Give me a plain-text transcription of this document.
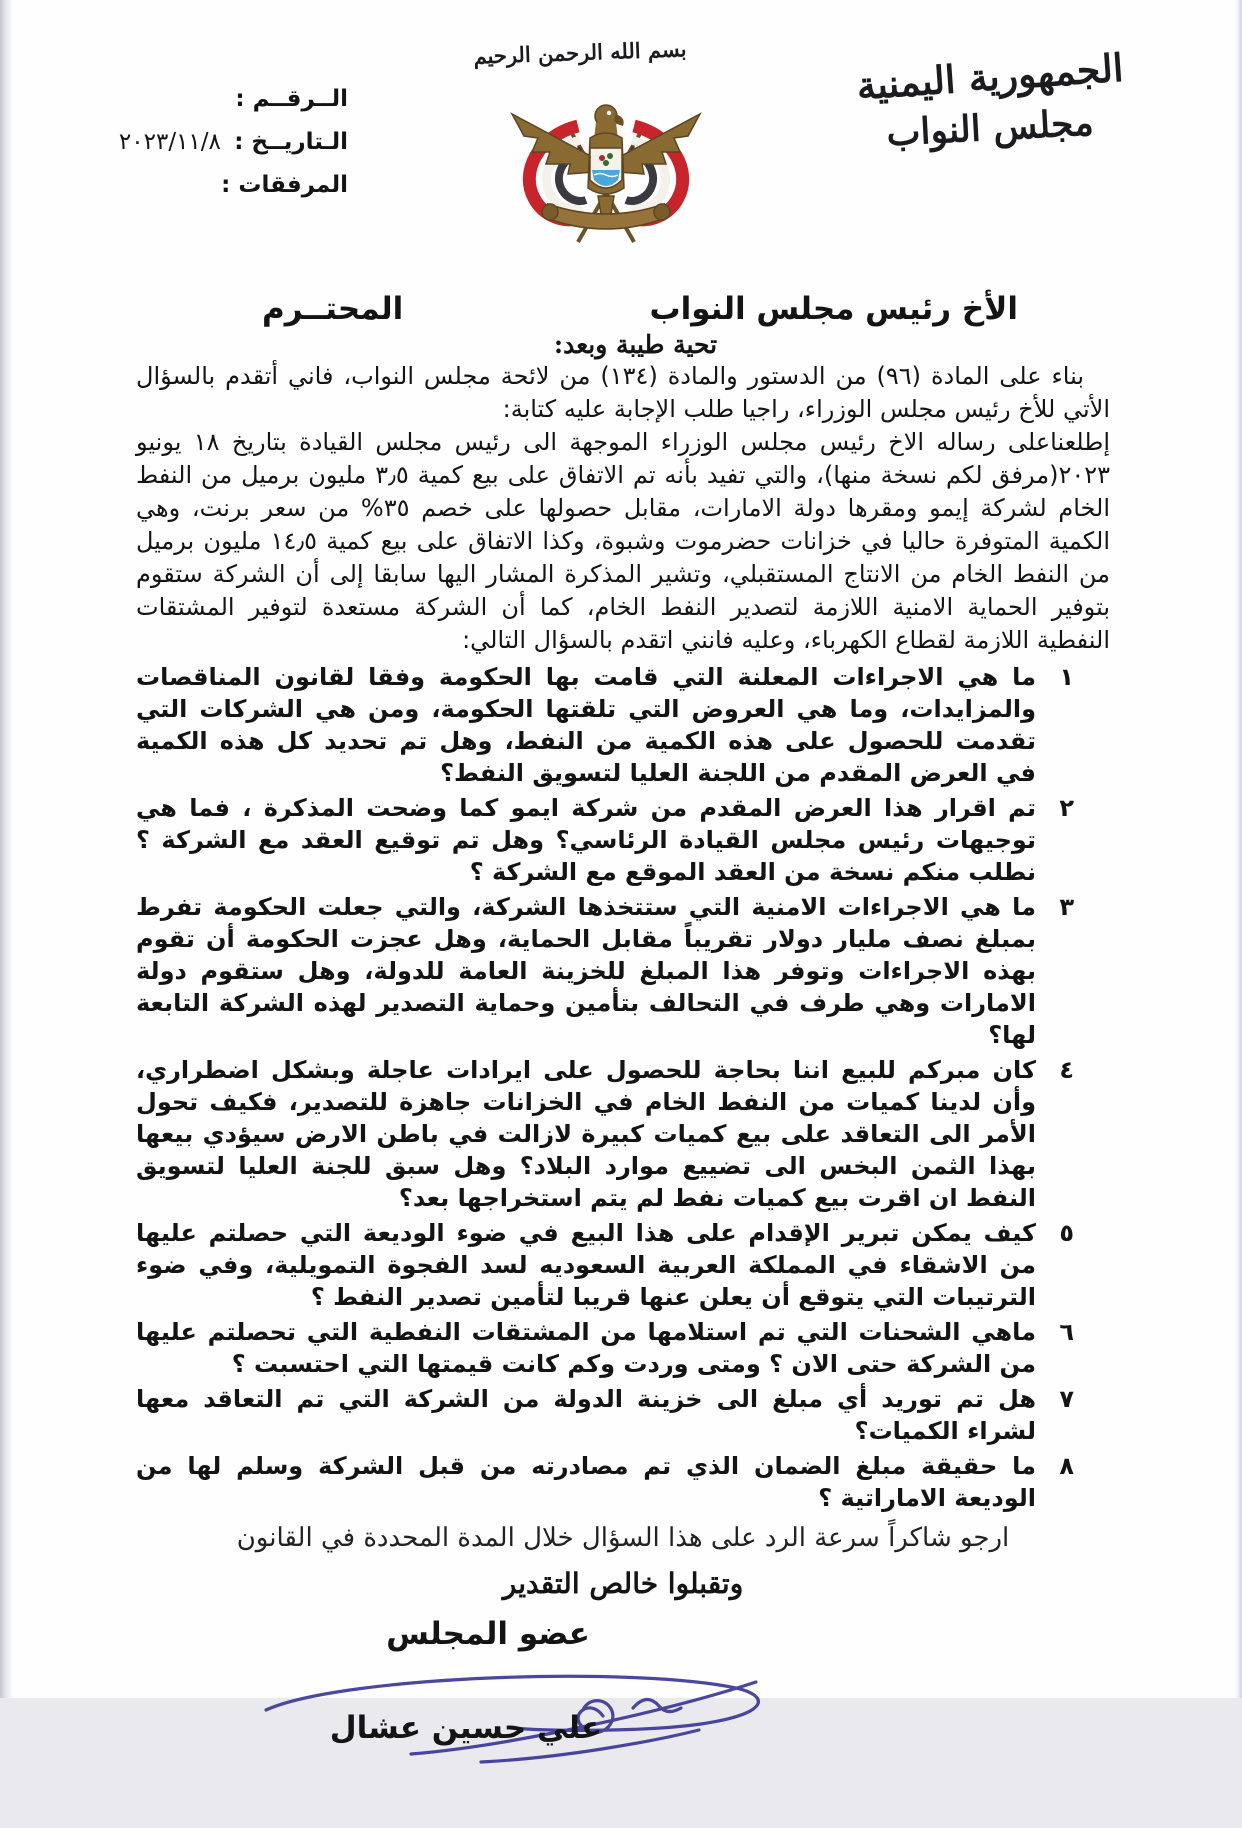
الــرقــم :
الـتاريــخ : ٢٠٢٣/١١/٨
المرفقات :
الجمهورية اليمنية
مجلس النواب
بسم الله الرحمن الرحيم
الأخ رئيس مجلس النواب
المحتــرم
تحية طيبة وبعد:

بناء على المادة (٩٦) من الدستور والمادة (١٣٤) من لائحة مجلس النواب، فاني أتقدم بالسؤال الأتي للأخ رئيس مجلس الوزراء، راجيا طلب الإجابة عليه كتابة:

إطلعناعلى رساله الاخ رئيس مجلس الوزراء الموجهة الى رئيس مجلس القيادة بتاريخ ١٨ يونيو ٢٠٢٣(مرفق لكم نسخة منها)، والتي تفيد بأنه تم الاتفاق على بيع كمية ٣٫٥ مليون برميل من النفط الخام لشركة إيمو ومقرها دولة الامارات، مقابل حصولها على خصم ٣٥% من سعر برنت، وهي الكمية المتوفرة حاليا في خزانات حضرموت وشبوة، وكذا الاتفاق على بيع كمية ١٤٫٥ مليون برميل من النفط الخام من الانتاج المستقبلي، وتشير المذكرة المشار اليها سابقا إلى أن الشركة ستقوم بتوفير الحماية الامنية اللازمة لتصدير النفط الخام، كما أن الشركة مستعدة لتوفير المشتقات النفطية اللازمة لقطاع الكهرباء، وعليه فانني اتقدم بالسؤال التالي:

١
ما هي الاجراءات المعلنة التي قامت بها الحكومة وفقا لقانون المناقصات والمزايدات، وما هي العروض التي تلقتها الحكومة، ومن هي الشركات التي تقدمت للحصول على هذه الكمية من النفط، وهل تم تحديد كل هذه الكمية في العرض المقدم من اللجنة العليا لتسويق النفط؟
٢
تم اقرار هذا العرض المقدم من شركة ايمو كما وضحت المذكرة ، فما هي توجيهات رئيس مجلس القيادة الرئاسي؟ وهل تم توقيع العقد مع الشركة ؟ نطلب منكم نسخة من العقد الموقع مع الشركة ؟
٣
ما هي الاجراءات الامنية التي ستتخذها الشركة، والتي جعلت الحكومة تفرط بمبلغ نصف مليار دولار تقريباً مقابل الحماية، وهل عجزت الحكومة أن تقوم بهذه الاجراءات وتوفر هذا المبلغ للخزينة العامة للدولة، وهل ستقوم دولة الامارات وهي طرف في التحالف بتأمين وحماية التصدير لهذه الشركة التابعة لها؟
٤
كان مبركم للبيع اننا بحاجة للحصول على ايرادات عاجلة وبشكل اضطراري، وأن لدينا كميات من النفط الخام في الخزانات جاهزة للتصدير، فكيف تحول الأمر الى التعاقد على بيع كميات كبيرة لازالت في باطن الارض سيؤدي بيعها بهذا الثمن البخس الى تضييع موارد البلاد؟ وهل سبق للجنة العليا لتسويق النفط ان اقرت بيع كميات نفط لم يتم استخراجها بعد؟
٥
كيف يمكن تبرير الإقدام على هذا البيع في ضوء الوديعة التي حصلتم عليها من الاشقاء في المملكة العربية السعوديه لسد الفجوة التمويلية، وفي ضوء الترتيبات التي يتوقع أن يعلن عنها قريبا لتأمين تصدير النفط ؟
٦
ماهي الشحنات التي تم استلامها من المشتقات النفطية التي تحصلتم عليها من الشركة حتى الان ؟ ومتى وردت وكم كانت قيمتها التي احتسبت ؟
٧
هل تم توريد أي مبلغ الى خزينة الدولة من الشركة التي تم التعاقد معها لشراء الكميات؟
٨
ما حقيقة مبلغ الضمان الذي تم مصادرته من قبل الشركة وسلم لها من الوديعة الاماراتية ؟
ارجو شاكراً سرعة الرد على هذا السؤال خلال المدة المحددة في القانون
وتقبلوا خالص التقدير
عضو المجلس
علي حسين عشال
